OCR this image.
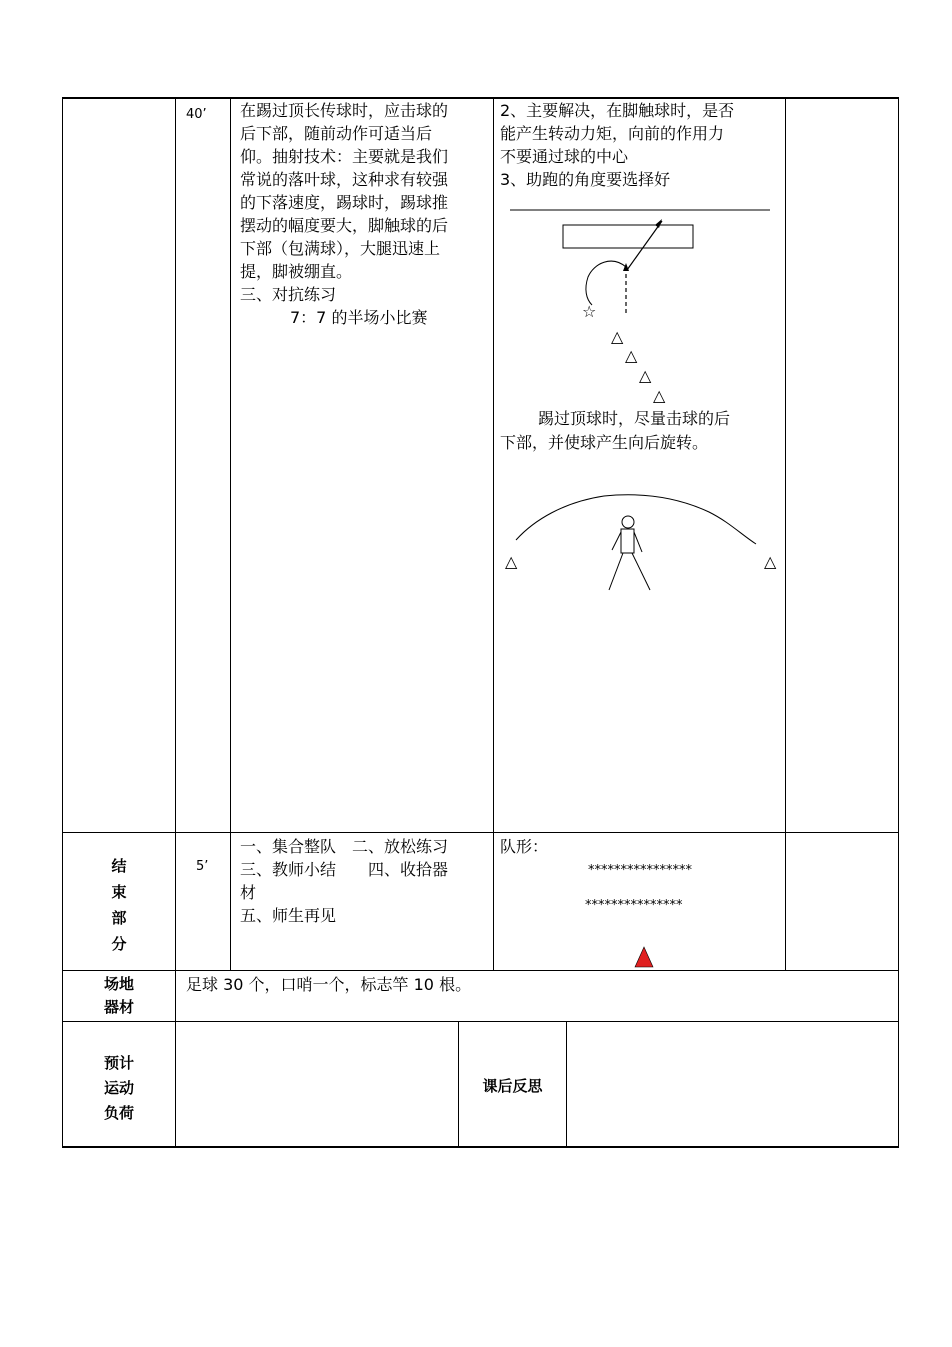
40’ 在踢过顶长传球时，应击球的
后下部，随前动作可适当后
仰。抽射技术：主要就是我们
常说的落叶球，这种求有较强
的下落速度，踢球时，踢球推
摆动的幅度要大，脚触球的后
下部（包满球），大腿迅速上
提，脚被绷直。
三、对抗练习
7：7 的半场小比赛
2、主要解决，在脚触球时，是否
能产生转动力矩，向前的作用力
不要通过球的中心
3、助跑的角度要选择好
☆
△
△
△
△
踢过顶球时，尽量击球的后
下部，并使球产生向后旋转。
△	△
结
束
部
分
5’
一、集合整队　二、放松练习
三、教师小结　　四、收拾器
材
五、师生再见
队形：
****************
***************
场地
器材
足球 30 个，口哨一个，标志竿 10 根。
预计
运动
负荷
课后反思
